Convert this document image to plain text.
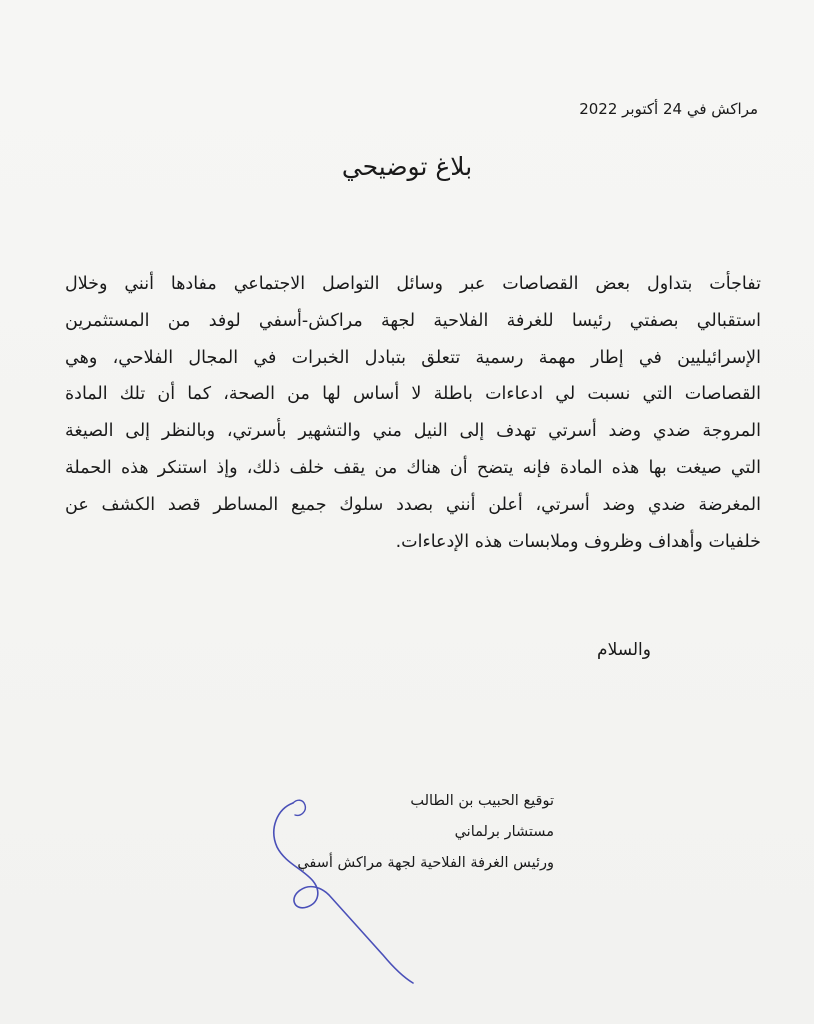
مراكش في 24 أكتوبر 2022
بلاغ توضيحي
تفاجأت بتداول بعض القصاصات عبر وسائل التواصل الاجتماعي مفادها أنني وخلال
استقبالي بصفتي رئيسا للغرفة الفلاحية لجهة مراكش-أسفي لوفد من المستثمرين
الإسرائيليين في إطار مهمة رسمية تتعلق بتبادل الخبرات في المجال الفلاحي، وهي
القصاصات التي نسبت لي ادعاءات باطلة لا أساس لها من الصحة، كما أن تلك المادة
المروجة ضدي وضد أسرتي تهدف إلى النيل مني والتشهير بأسرتي، وبالنظر إلى الصيغة
التي صيغت بها هذه المادة فإنه يتضح أن هناك من يقف خلف ذلك، وإذ استنكر هذه الحملة
المغرضة ضدي وضد أسرتي، أعلن أنني بصدد سلوك جميع المساطر قصد الكشف عن
خلفيات وأهداف وظروف وملابسات هذه الإدعاءات.
والسلام
توقيع الحبيب بن الطالب
مستشار برلماني
ورئيس الغرفة الفلاحية لجهة مراكش أسفي
